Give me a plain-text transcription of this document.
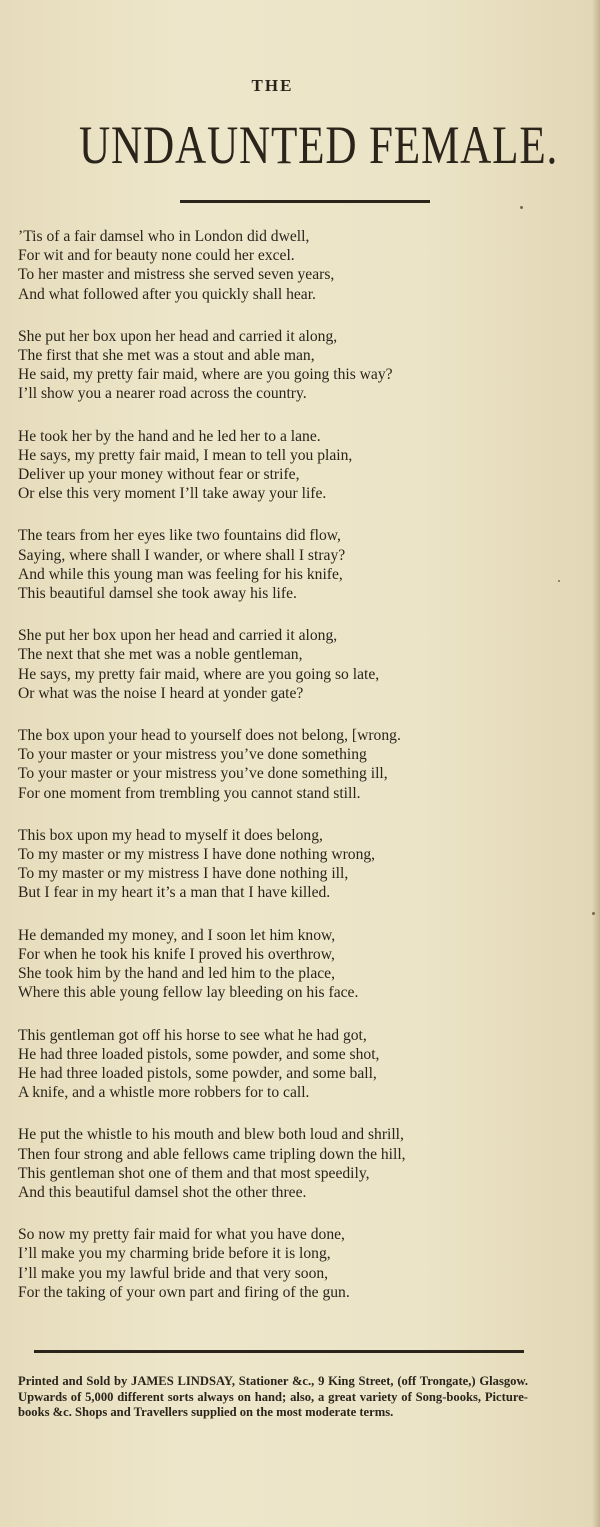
THE
UNDAUNTED FEMALE.
’Tis of a fair damsel who in London did dwell,
For wit and for beauty none could her excel.
To her master and mistress she served seven years,
And what followed after you quickly shall hear.
She put her box upon her head and carried it along,
The first that she met was a stout and able man,
He said, my pretty fair maid, where are you going this way?
I’ll show you a nearer road across the country.
He took her by the hand and he led her to a lane.
He says, my pretty fair maid, I mean to tell you plain,
Deliver up your money without fear or strife,
Or else this very moment I’ll take away your life.
The tears from her eyes like two fountains did flow,
Saying, where shall I wander, or where shall I stray?
And while this young man was feeling for his knife,
This beautiful damsel she took away his life.
She put her box upon her head and carried it along,
The next that she met was a noble gentleman,
He says, my pretty fair maid, where are you going so late,
Or what was the noise I heard at yonder gate?
The box upon your head to yourself does not belong, [wrong.
To your master or your mistress you’ve done something
To your master or your mistress you’ve done something ill,
For one moment from trembling you cannot stand still.
This box upon my head to myself it does belong,
To my master or my mistress I have done nothing wrong,
To my master or my mistress I have done nothing ill,
But I fear in my heart it’s a man that I have killed.
He demanded my money, and I soon let him know,
For when he took his knife I proved his overthrow,
She took him by the hand and led him to the place,
Where this able young fellow lay bleeding on his face.
This gentleman got off his horse to see what he had got,
He had three loaded pistols, some powder, and some shot,
He had three loaded pistols, some powder, and some ball,
A knife, and a whistle more robbers for to call.
He put the whistle to his mouth and blew both loud and shrill,
Then four strong and able fellows came tripling down the hill,
This gentleman shot one of them and that most speedily,
And this beautiful damsel shot the other three.
So now my pretty fair maid for what you have done,
I’ll make you my charming bride before it is long,
I’ll make you my lawful bride and that very soon,
For the taking of your own part and firing of the gun.
Printed and Sold by JAMES LINDSAY, Stationer &c., 9 King Street, (off Trongate,) Glasgow. Upwards of 5,000 different sorts always on hand; also, a great variety of Song-books, Picture-books &c. Shops and Travellers supplied on the most moderate terms.
